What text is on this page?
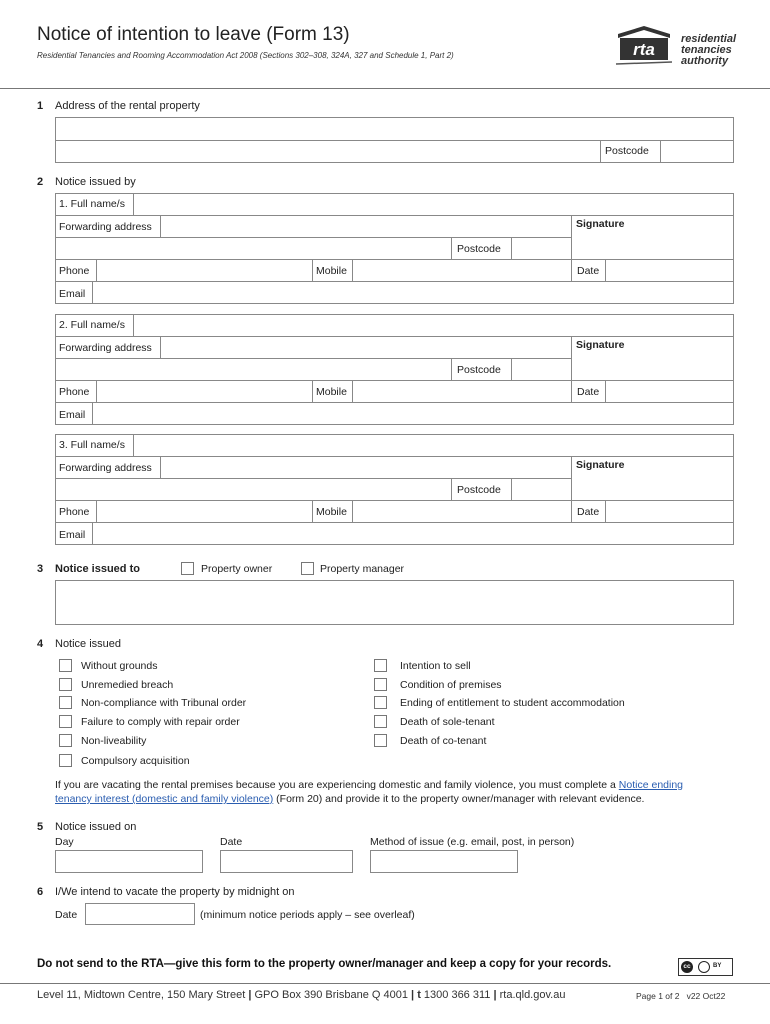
Notice of intention to leave (Form 13)
Residential Tenancies and Rooming Accommodation Act 2008 (Sections 302–308, 324A, 327 and Schedule 1, Part 2)	rta
residential
tenancies
authority
1 Address of the rental property
Postcode
2 Notice issued by
1. Full name/s
Forwarding address	Signature
Postcode
Phone	Mobile	Date
Email
2. Full name/s
Forwarding address	Signature
Postcode
Phone	Mobile	Date
Email
3. Full name/s
Forwarding address	Signature
Postcode
Phone	Mobile	Date
Email
3 Notice issued to	Property owner	Property manager
4 Notice issued
Without grounds
Unremedied breach
Non-compliance with Tribunal order
Failure to comply with repair order
Non-liveability
Compulsory acquisition
Intention to sell
Condition of premises
Ending of entitlement to student accommodation
Death of sole-tenant
Death of co-tenant
If you are vacating the rental premises because you are experiencing domestic and family violence, you must complete a Notice ending
tenancy interest (domestic and family violence) (Form 20) and provide it to the property owner/manager with relevant evidence.
5 Notice issued on
Day	Date	Method of issue (e.g. email, post, in person)
6 I/We intend to vacate the property by midnight on
Date	(minimum notice periods apply – see overleaf)
Do not send to the RTA—give this form to the property owner/manager and keep a copy for your records.	cc	BY
Level 11, Midtown Centre, 150 Mary Street | GPO Box 390 Brisbane Q 4001 | t 1300 366 311 | rta.qld.gov.au	Page 1 of 2 v22 Oct22
